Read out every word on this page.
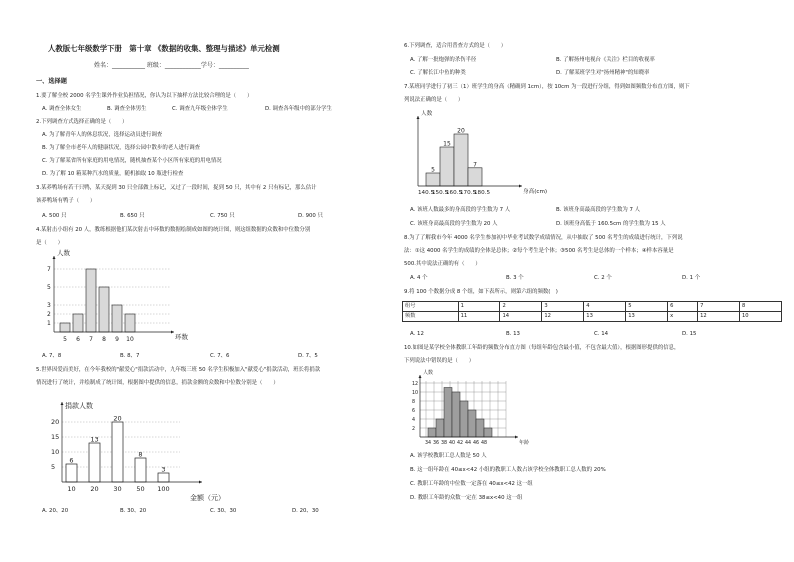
人教版七年级数学下册　第十章 《数据的收集、整理与描述》单元检测
姓名：___________ 班级：____________学号：__________
一、选择题
1.要了解全校 2000 名学生课外作业负担情况，你认为以下抽样方法比较合理的是（　　）
A. 调查全体女生	B. 调查全体男生	C. 调查九年级全体学生	D. 调查各年级中的部分学生
2.下列调查方式选择正确的是（　　）
A. 为了解青年人的休息状况，选择运动员进行调查
B. 为了解全市老年人的健康状况，选择公园中散步的老人进行调查
C. 为了解某省所有家庭的用电情况，随机抽查某个小区所有家庭的用电情况
D. 为了解 10 箱某种汽水的质量，随机抽取 10 瓶进行检查
3.某养鸭场有若干只鸭，某天捉到 30 只全部做上标记，又过了一段时间，捉到 50 只，其中有 2 只有标记，那么估计
该养鸭场有鸭子（　　）
A. 500 只	B. 650 只	C. 750 只	D. 900 只
4.某射击小组有 20 人，教练根据他们某次射击中环数的数据绘制成如图的统计图，则这组数据的众数和中位数分别
是（　　）
1
2
3
5
7
5 6 7 8 9 10	环数
人数
A. 7、8	B. 8、7	C. 7、6	D. 7、5
5.世界因爱而美好，在今年我校的"献爱心"捐款活动中，九年级三班 50 名学生积极加入"献爱心"捐款活动，班长将捐款
情况进行了统计，并绘制成了统计图，根据图中提供的信息，捐款金额的众数和中位数分别是（　　）
5
10
15
20
6
10
13
20
20
30
8
50
3
100
捐款人数
金额（元）
A. 20、20	B. 30、20	C. 30、30	D. 20、30
6.下列调查，适合用普查方式的是（　　）
A. 了解一批炮弹的杀伤半径	B. 了解扬州电视台《关注》栏目的收视率
C. 了解长江中鱼的种类	D. 了解某班学生对"扬州精神"的知晓率
7.某班同学进行了初三（1）班学生的身高（精确到 1cm），按 10cm 为一段进行分组，得到如图频数分布直方图，则下
列说法正确的是（　　）
5
15
20
7
140.5
150.5
160.5
170.5
180.5	身高(cm)
人数
A. 该班人数最多的身高段的学生数为 7 人	B. 该班身高最高段的学生数为 7 人
C. 该班身高最高段的学生数为 20 人	D. 该班身高低于 160.5cm 的学生数为 15 人
8.为了了解我市今年 4000 名学生参加初中毕业考试数学成绩情况，从中抽取了 500 名考生的成绩进行统计，下列说
法：①这 4000 名学生的成绩的全体是总体；②每个考生是个体；③500 名考生是总体的一个样本；④样本容量是
500.其中说法正确的有（　　）
A. 4 个	B. 3 个	C. 2 个	D. 1 个
9.将 100 个数据分成 8 个组，如下表所示，则第六组的频数(　)
组号	1	2	3	4	5	6	7	8
频数	11	14	12	13	13	x	12	10
A. 12	B. 13	C. 14	D. 15
10.如图是某学校全体教职工年龄的频数分布直方图（每组年龄包含最小值，不包含最大值），根据图形提供的信息，
下列说法中错误的是（　　）
2
4
6
8
10
12
34 36 38 40 42 44 46 48	年龄
人数
A. 该学校教职工总人数是 50 人
B. 这一组年龄在 40≤x<42 小组的教职工人数占该学校全体教职工总人数的 20%
C. 教职工年龄的中位数一定落在 40≤x<42 这一组
D. 教职工年龄的众数一定在 38≤x<40 这一组
